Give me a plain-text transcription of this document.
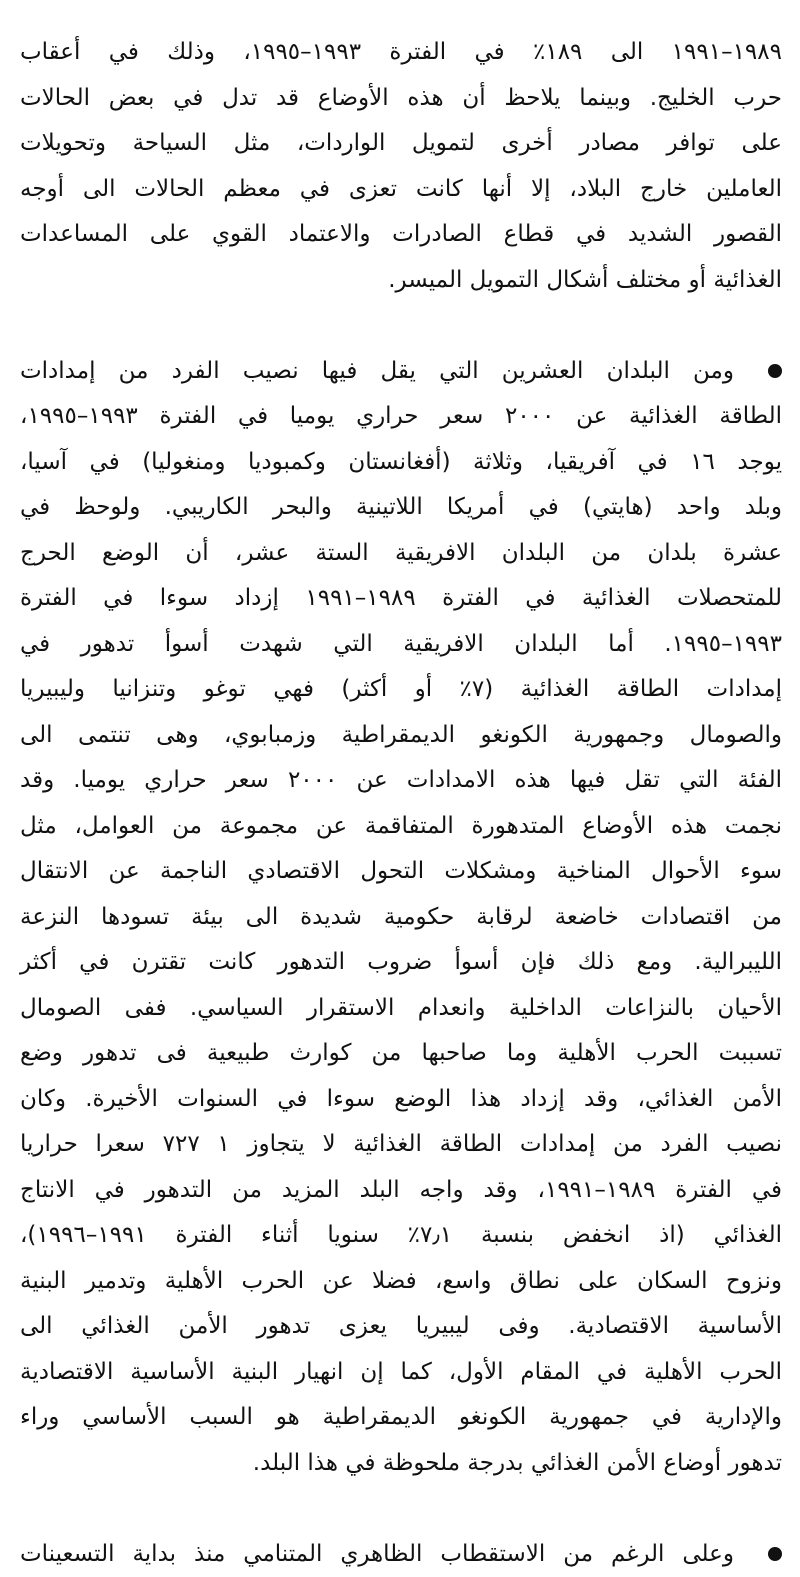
١٩٨٩–١٩٩١ الى ١٨٩٪ في الفترة ١٩٩٣–١٩٩٥، وذلك في أعقاب
حرب الخليج. وبينما يلاحظ أن هذه الأوضاع قد تدل في بعض الحالات
على توافر مصادر أخرى لتمويل الواردات، مثل السياحة وتحويلات
العاملين خارج البلاد، إلا أنها كانت تعزى في معظم الحالات الى أوجه
القصور الشديد في قطاع الصادرات والاعتماد القوي على المساعدات
الغذائية أو مختلف أشكال التمويل الميسر.
ومن البلدان العشرين التي يقل فيها نصيب الفرد من إمدادات
الطاقة الغذائية عن ٢٠٠٠ سعر حراري يوميا في الفترة ١٩٩٣–١٩٩٥،
يوجد ١٦ في آفريقيا، وثلاثة (أفغانستان وكمبوديا ومنغوليا) في آسيا،
وبلد واحد (هايتي) في أمريكا اللاتينية والبحر الكاريبي. ولوحظ في
عشرة بلدان من البلدان الافريقية الستة عشر، أن الوضع الحرج
للمتحصلات الغذائية في الفترة ١٩٨٩–١٩٩١ إزداد سوءا في الفترة
١٩٩٣–١٩٩٥. أما البلدان الافريقية التي شهدت أسوأ تدهور في
إمدادات الطاقة الغذائية (٧٪ أو أكثر) فهي توغو وتنزانيا وليبيريا
والصومال وجمهورية الكونغو الديمقراطية وزمبابوي، وهى تنتمى الى
الفئة التي تقل فيها هذه الامدادات عن ٢٠٠٠ سعر حراري يوميا. وقد
نجمت هذه الأوضاع المتدهورة المتفاقمة عن مجموعة من العوامل، مثل
سوء الأحوال المناخية ومشكلات التحول الاقتصادي الناجمة عن الانتقال
من اقتصادات خاضعة لرقابة حكومية شديدة الى بيئة تسودها النزعة
الليبرالية. ومع ذلك فإن أسوأ ضروب التدهور كانت تقترن في أكثر
الأحيان بالنزاعات الداخلية وانعدام الاستقرار السياسي. ففى الصومال
تسببت الحرب الأهلية وما صاحبها من كوارث طبيعية فى تدهور وضع
الأمن الغذائي، وقد إزداد هذا الوضع سوءا في السنوات الأخيرة. وكان
نصيب الفرد من إمدادات الطاقة الغذائية لا يتجاوز ١ ٧٢٧ سعرا حراريا
في الفترة ١٩٨٩–١٩٩١، وقد واجه البلد المزيد من التدهور في الانتاج
الغذائي (اذ انخفض بنسبة ٧٫١٪ سنويا أثناء الفترة ١٩٩١–١٩٩٦)،
ونزوح السكان على نطاق واسع، فضلا عن الحرب الأهلية وتدمير البنية
الأساسية الاقتصادية. وفى ليبيريا يعزى تدهور الأمن الغذائي الى
الحرب الأهلية في المقام الأول، كما إن انهيار البنية الأساسية الاقتصادية
والإدارية في جمهورية الكونغو الديمقراطية هو السبب الأساسي وراء
تدهور أوضاع الأمن الغذائي بدرجة ملحوظة في هذا البلد.
وعلى الرغم من الاستقطاب الظاهري المتنامي منذ بداية التسعينات
